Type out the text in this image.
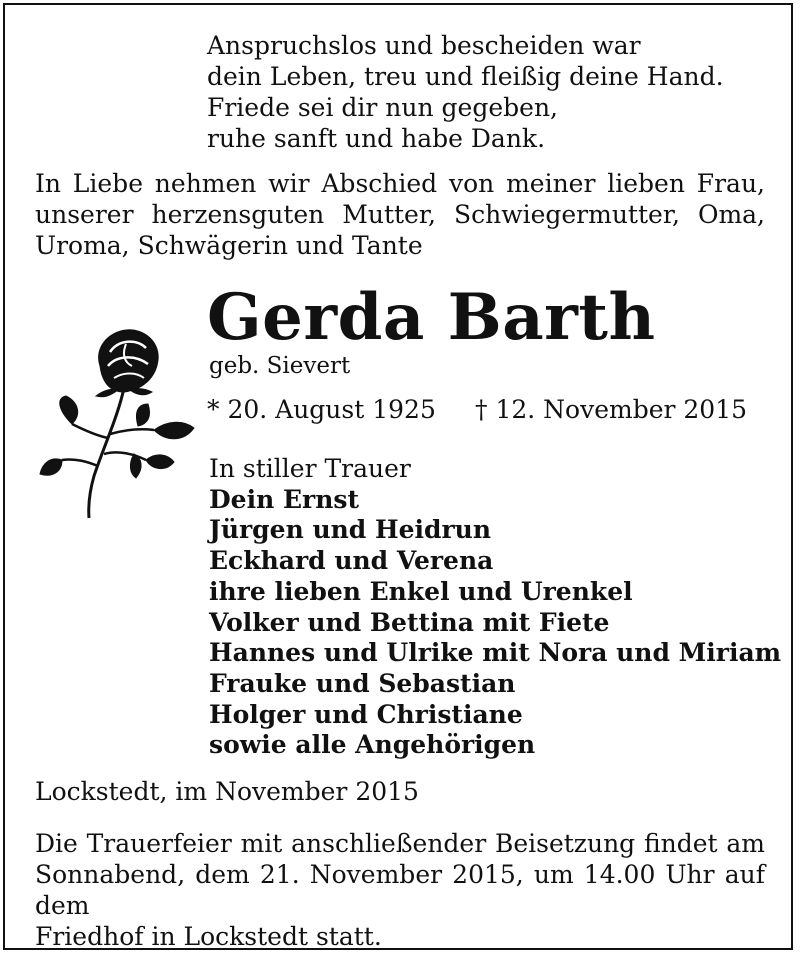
Anspruchslos und bescheiden war
dein Leben, treu und fleißig deine Hand.
Friede sei dir nun gegeben,
ruhe sanft und habe Dank.
In Liebe nehmen wir Abschied von meiner lieben Frau, unserer herzensguten Mutter, Schwiegermutter, Oma, Uroma, Schwägerin und Tante
Gerda Barth
geb. Sievert
* 20. August 1925 † 12. November 2015
In stiller Trauer
Dein Ernst
Jürgen und Heidrun
Eckhard und Verena
ihre lieben Enkel und Urenkel
Volker und Bettina mit Fiete
Hannes und Ulrike mit Nora und Miriam
Frauke und Sebastian
Holger und Christiane
sowie alle Angehörigen
Lockstedt, im November 2015
Die Trauerfeier mit anschließender Beisetzung findet am Sonnabend, dem 21. November 2015, um 14.00 Uhr auf dem
Friedhof in Lockstedt statt.
